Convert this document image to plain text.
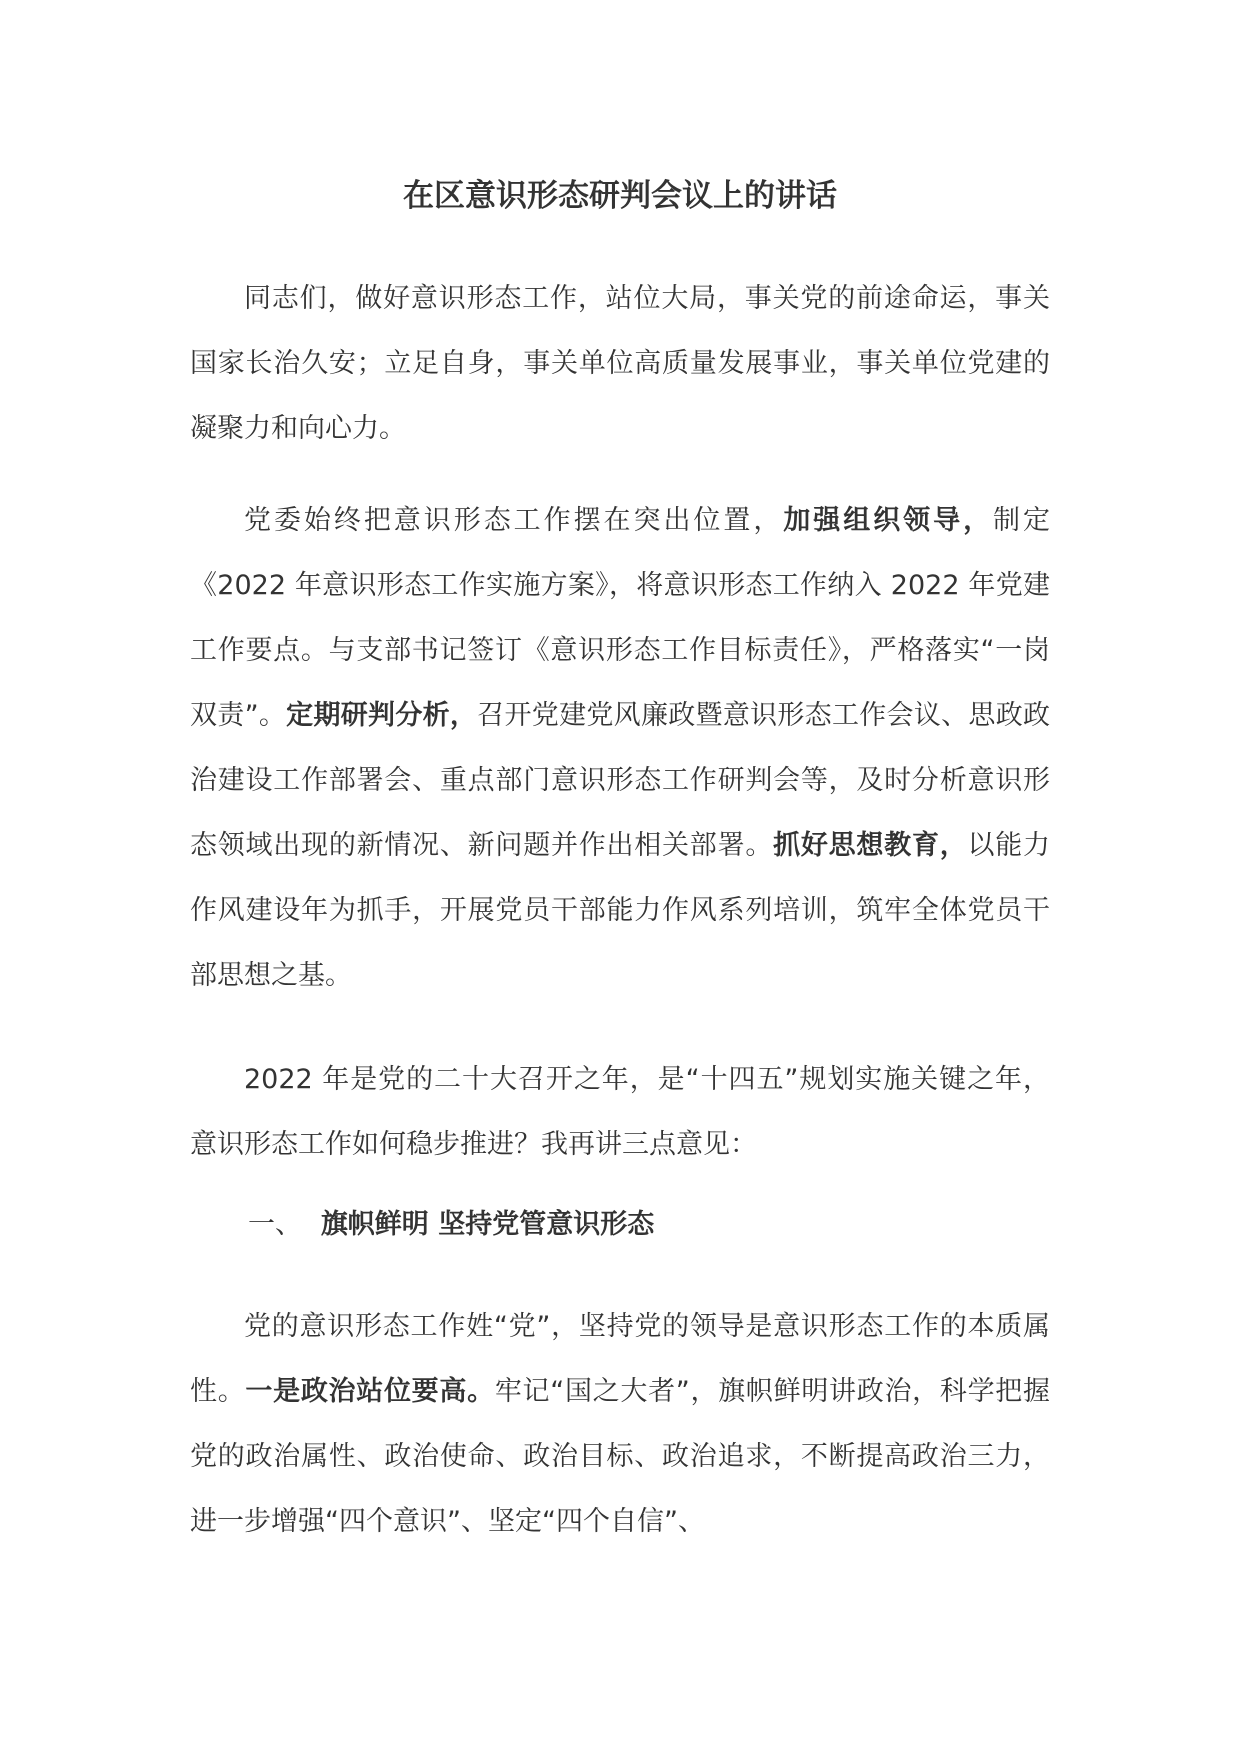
在区意识形态研判会议上的讲话

同志们，做好意识形态工作，站位大局，事关党的前途命运，事关国家长治久安；立足自身，事关单位高质量发展事业，事关单位党建的凝聚力和向心力。

党委始终把意识形态工作摆在突出位置，加强组织领导，制定《2022 年意识形态工作实施方案》，将意识形态工作纳入 2022 年党建工作要点。与支部书记签订《意识形态工作目标责任》，严格落实“一岗双责”。定期研判分析，召开党建党风廉政暨意识形态工作会议、思政政治建设工作部署会、重点部门意识形态工作研判会等，及时分析意识形态领域出现的新情况、新问题并作出相关部署。抓好思想教育，以能力作风建设年为抓手，开展党员干部能力作风系列培训，筑牢全体党员干部思想之基。

2022 年是党的二十大召开之年，是“十四五”规划实施关键之年，意识形态工作如何稳步推进？我再讲三点意见：

一、 旗帜鲜明 坚持党管意识形态

党的意识形态工作姓“党”，坚持党的领导是意识形态工作的本质属性。一是政治站位要高。牢记“国之大者”，旗帜鲜明讲政治，科学把握党的政治属性、政治使命、政治目标、政治追求，不断提高政治三力，进一步增强“四个意识”、坚定“四个自信”、
